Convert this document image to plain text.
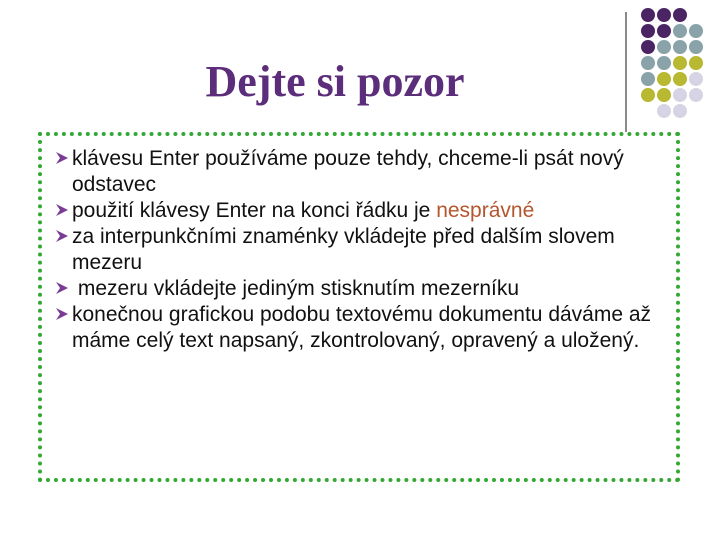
Dejte si pozor
klávesu Enter používáme pouze tehdy, chceme-li psát nový odstavec
použití klávesy Enter na konci řádku je nesprávné
za interpunkčními znaménky vkládejte před dalším slovem mezeru
mezeru vkládejte jediným stisknutím mezerníku
konečnou grafickou podobu textovému dokumentu dáváme až máme celý text napsaný, zkontrolovaný, opravený a uložený.
